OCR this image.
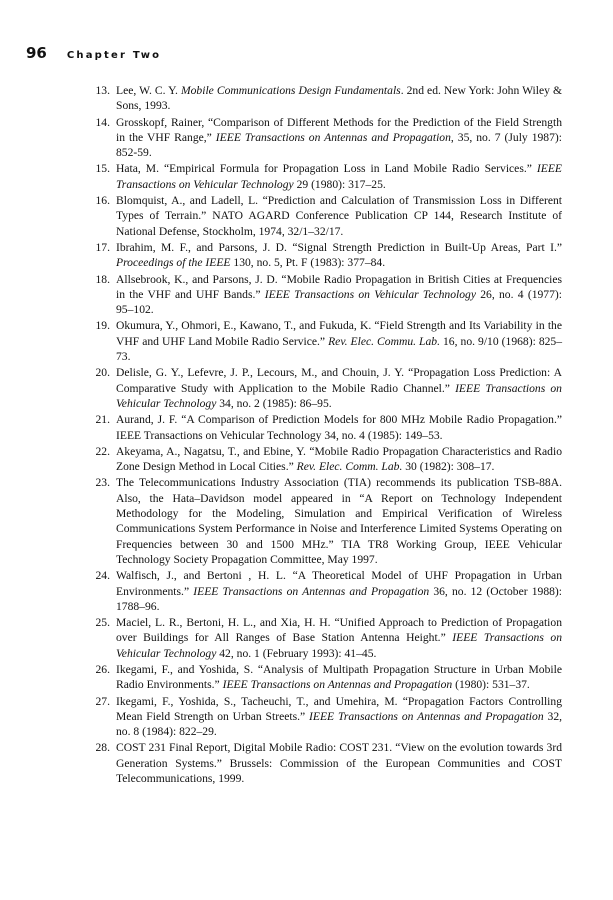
96 Chapter Two
13. Lee, W. C. Y. Mobile Communications Design Fundamentals. 2nd ed. New York: John Wiley & Sons, 1993.
14. Grosskopf, Rainer, “Comparison of Different Methods for the Prediction of the Field Strength in the VHF Range,” IEEE Transactions on Antennas and Propagation, 35, no. 7 (July 1987): 852-59.
15. Hata, M. “Empirical Formula for Propagation Loss in Land Mobile Radio Services.” IEEE Transactions on Vehicular Technology 29 (1980): 317–25.
16. Blomquist, A., and Ladell, L. “Prediction and Calculation of Transmission Loss in Different Types of Terrain.” NATO AGARD Conference Publication CP 144, Research Institute of National Defense, Stockholm, 1974, 32/1–32/17.
17. Ibrahim, M. F., and Parsons, J. D. “Signal Strength Prediction in Built-Up Areas, Part I.” Proceedings of the IEEE 130, no. 5, Pt. F (1983): 377–84.
18. Allsebrook, K., and Parsons, J. D. “Mobile Radio Propagation in British Cities at Frequencies in the VHF and UHF Bands.” IEEE Transactions on Vehicular Technology 26, no. 4 (1977): 95–102.
19. Okumura, Y., Ohmori, E., Kawano, T., and Fukuda, K. “Field Strength and Its Variability in the VHF and UHF Land Mobile Radio Service.” Rev. Elec. Commu. Lab. 16, no. 9/10 (1968): 825–73.
20. Delisle, G. Y., Lefevre, J. P., Lecours, M., and Chouin, J. Y. “Propagation Loss Prediction: A Comparative Study with Application to the Mobile Radio Channel.” IEEE Transactions on Vehicular Technology 34, no. 2 (1985): 86–95.
21. Aurand, J. F. “A Comparison of Prediction Models for 800 MHz Mobile Radio Propagation.” IEEE Transactions on Vehicular Technology 34, no. 4 (1985): 149–53.
22. Akeyama, A., Nagatsu, T., and Ebine, Y. “Mobile Radio Propagation Characteristics and Radio Zone Design Method in Local Cities.” Rev. Elec. Comm. Lab. 30 (1982): 308–17.
23. The Telecommunications Industry Association (TIA) recommends its publication TSB-88A. Also, the Hata–Davidson model appeared in “A Report on Technology Independent Methodology for the Modeling, Simulation and Empirical Verification of Wireless Communications System Performance in Noise and Interference Limited Systems Operating on Frequencies between 30 and 1500 MHz.” TIA TR8 Working Group, IEEE Vehicular Technology Society Propagation Committee, May 1997.
24. Walfisch, J., and Bertoni , H. L. “A Theoretical Model of UHF Propagation in Urban Environments.” IEEE Transactions on Antennas and Propagation 36, no. 12 (October 1988): 1788–96.
25. Maciel, L. R., Bertoni, H. L., and Xia, H. H. “Unified Approach to Prediction of Propagation over Buildings for All Ranges of Base Station Antenna Height.” IEEE Transactions on Vehicular Technology 42, no. 1 (February 1993): 41–45.
26. Ikegami, F., and Yoshida, S. “Analysis of Multipath Propagation Structure in Urban Mobile Radio Environments.” IEEE Transactions on Antennas and Propagation (1980): 531–37.
27. Ikegami, F., Yoshida, S., Tacheuchi, T., and Umehira, M. “Propagation Factors Controlling Mean Field Strength on Urban Streets.” IEEE Transactions on Antennas and Propagation 32, no. 8 (1984): 822–29.
28. COST 231 Final Report, Digital Mobile Radio: COST 231. “View on the evolution towards 3rd Generation Systems.” Brussels: Commission of the European Communities and COST Telecommunications, 1999.
